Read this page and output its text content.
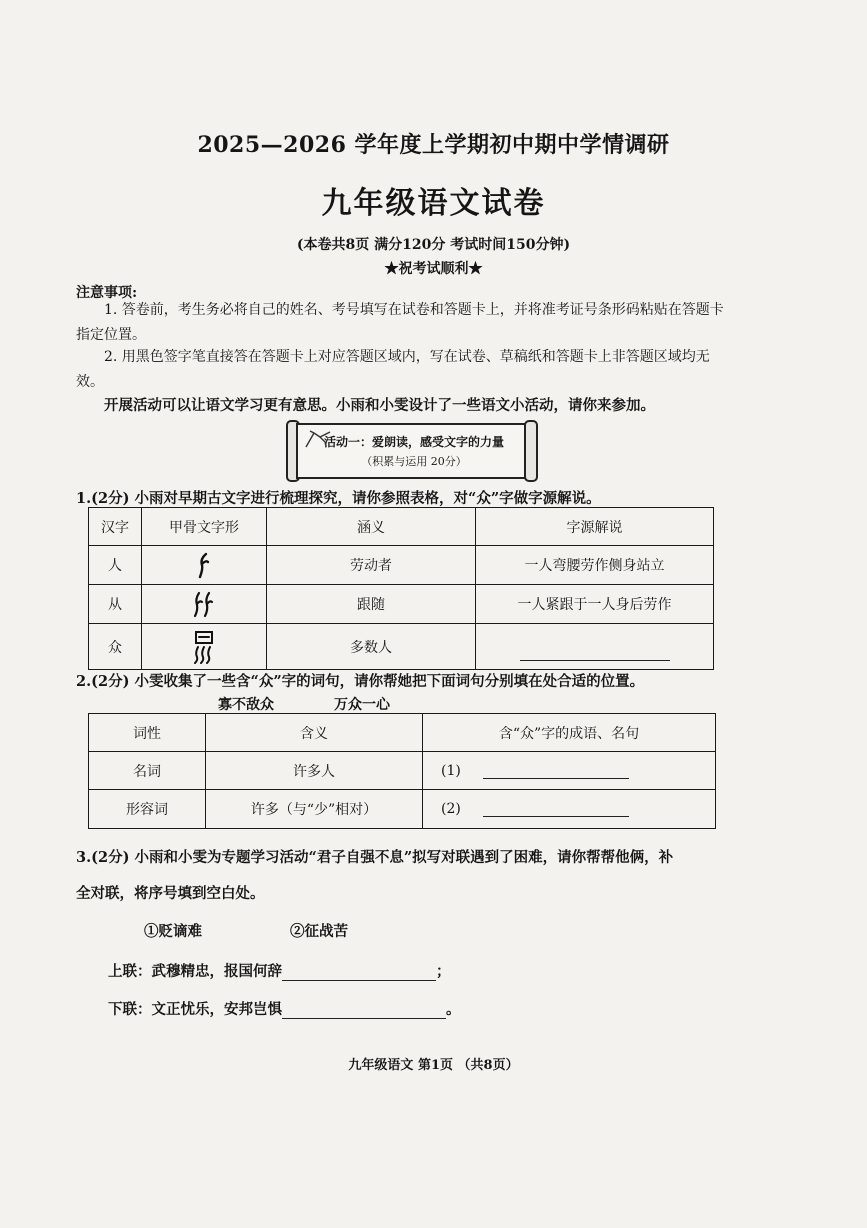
2025—2026 学年度上学期初中期中学情调研
九年级语文试卷
(本卷共8页 满分120分 考试时间150分钟)
★祝考试顺利★
注意事项:
1. 答卷前，考生务必将自己的姓名、考号填写在试卷和答题卡上，并将准考证号条形码粘贴在答题卡指定位置。
2. 用黑色签字笔直接答在答题卡上对应答题区域内，写在试卷、草稿纸和答题卡上非答题区域均无效。
开展活动可以让语文学习更有意思。小雨和小雯设计了一些语文小活动，请你来参加。
活动一：爱朗读，感受文字的力量
（积累与运用 20分）
1.(2分) 小雨对早期古文字进行梳理探究，请你参照表格，对“众”字做字源解说。
汉字	甲骨文字形	涵义	字源解说
人		劳动者	一人弯腰劳作侧身站立
从		跟随	一人紧跟于一人身后劳作
众		多数人	
2.(2分) 小雯收集了一些含“众”字的词句，请你帮她把下面词句分别填在处合适的位置。
寡不敌众	万众一心
词性	含义	含“众”字的成语、名句
名词	许多人	(1)
形容词	许多（与“少”相对）	(2)
3.(2分) 小雨和小雯为专题学习活动“君子自强不息”拟写对联遇到了困难，请你帮帮他俩，补
全对联，将序号填到空白处。
①贬谪难	②征战苦
上联：武穆精忠，报国何辞	；
下联：文正忧乐，安邦岂惧	。
九年级语文 第1页 （共8页）
